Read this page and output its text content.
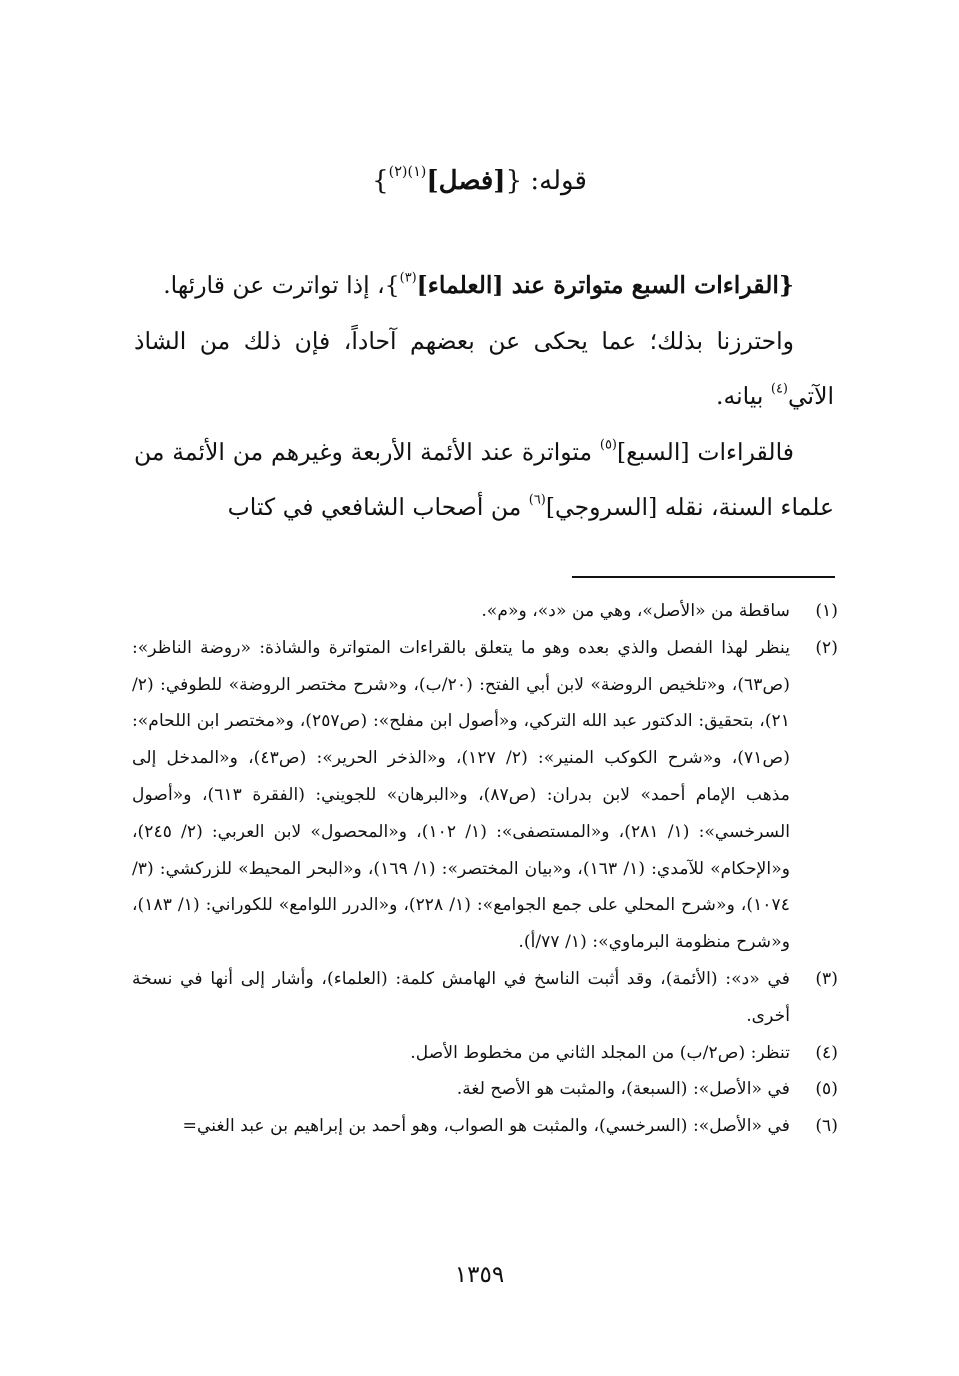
قوله: {[فصل]$^{(١)(٢)}$}

{القراءات السبع متواترة عند [العلماء]$^{(٣)}$}، إذا تواترت عن قارئها.

واحترزنا بذلك؛ عما يحكى عن بعضهم آحاداً، فإن ذلك من الشاذ الآتي$^{(٤)}$ بيانه.

فالقراءات [السبع]$^{(٥)}$ متواترة عند الأئمة الأربعة وغيرهم من الأئمة من علماء السنة، نقله [السروجي]$^{(٦)}$ من أصحاب الشافعي في كتاب

(١)
ساقطة من «الأصل»، وهي من «د»، و«م».
(٢)
ينظر لهذا الفصل والذي بعده وهو ما يتعلق بالقراءات المتواترة والشاذة: «روضة الناظر»: (ص٦٣)، و«تلخيص الروضة» لابن أبي الفتح: (٢٠/ب)، و«شرح مختصر الروضة» للطوفي: (٢/ ٢١)، بتحقيق: الدكتور عبد الله التركي، و«أصول ابن مفلح»: (ص٢٥٧)، و«مختصر ابن اللحام»: (ص٧١)، و«شرح الكوكب المنير»: (٢/ ١٢٧)، و«الذخر الحرير»: (ص٤٣)، و«المدخل إلى مذهب الإمام أحمد» لابن بدران: (ص٨٧)، و«البرهان» للجويني: (الفقرة ٦١٣)، و«أصول السرخسي»: (١/ ٢٨١)، و«المستصفى»: (١/ ١٠٢)، و«المحصول» لابن العربي: (٢/ ٢٤٥)، و«الإحكام» للآمدي: (١/ ١٦٣)، و«بيان المختصر»: (١/ ١٦٩)، و«البحر المحيط» للزركشي: (٣/ ١٠٧٤)، و«شرح المحلي على جمع الجوامع»: (١/ ٢٢٨)، و«الدرر اللوامع» للكوراني: (١/ ١٨٣)، و«شرح منظومة البرماوي»: (١/ ٧٧/أ).
(٣)
في «د»: (الأئمة)، وقد أثبت الناسخ في الهامش كلمة: (العلماء)، وأشار إلى أنها في نسخة أخرى.
(٤)
تنظر: (ص٢/ب) من المجلد الثاني من مخطوط الأصل.
(٥)
في «الأصل»: (السبعة)، والمثبت هو الأصح لغة.
(٦)
في «الأصل»: (السرخسي)، والمثبت هو الصواب، وهو أحمد بن إبراهيم بن عبد الغني=
١٣٥٩
